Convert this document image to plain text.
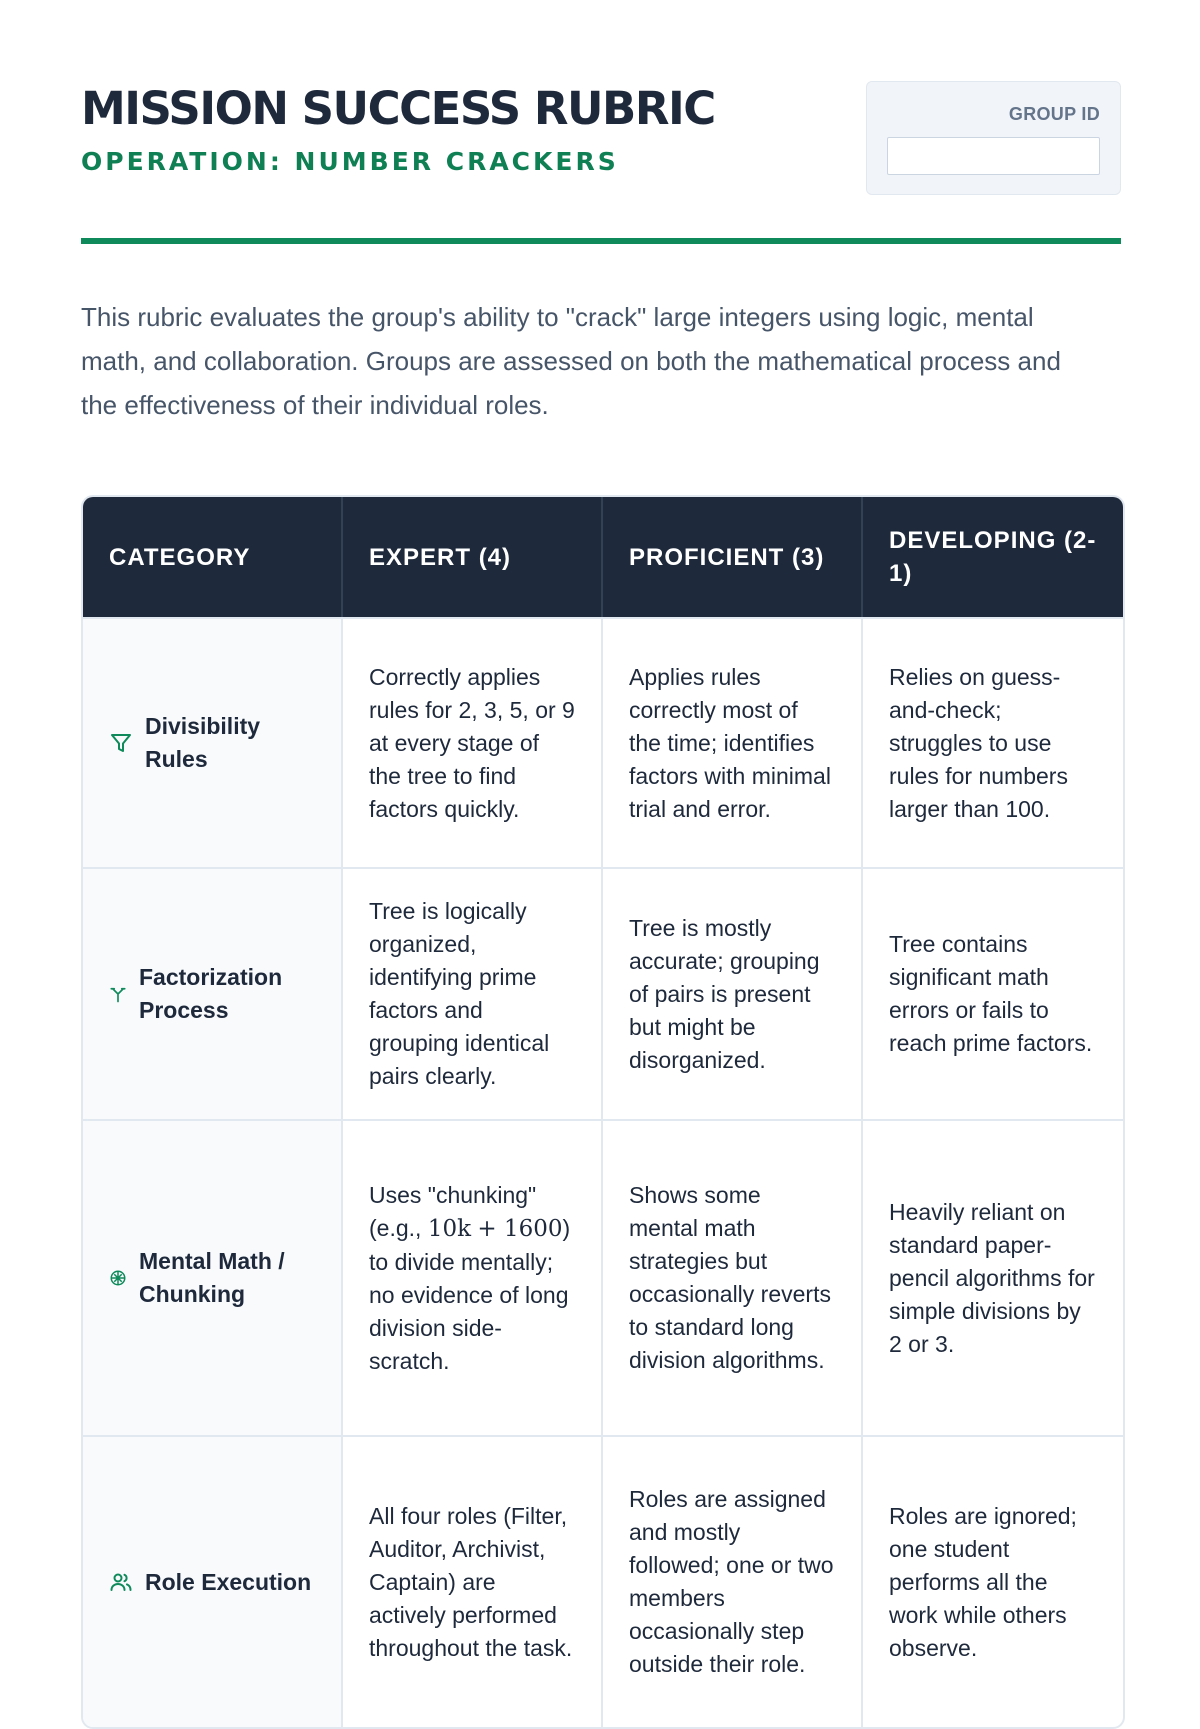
MISSION SUCCESS RUBRIC
OPERATION: NUMBER CRACKERS
GROUP ID

This rubric evaluates the group's ability to "crack" large integers using logic, mental math, and collaboration. Groups are assessed on both the mathematical process and the effectiveness of their individual roles.

CATEGORY	EXPERT (4)	PROFICIENT (3)
DEVELOPING (2-1)
Divisibility Rules
Correctly applies rules for 2, 3, 5, or 9 at every stage of the tree to find factors quickly.
Applies rules correctly most of the time; identifies factors with minimal trial and error.
Relies on guess-and-check; struggles to use rules for numbers larger than 100.
Factorization Process
Tree is logically organized, identifying prime factors and grouping identical pairs clearly.
Tree is mostly accurate; grouping of pairs is present but might be disorganized.
Tree contains significant math errors or fails to reach prime factors.
Mental Math / Chunking
Uses "chunking" (e.g., 10k + 1600) to divide mentally; no evidence of long division side-scratch.
Shows some mental math strategies but occasionally reverts to standard long division algorithms.
Heavily reliant on standard paper-pencil algorithms for simple divisions by 2 or 3.
Role Execution
All four roles (Filter, Auditor, Archivist, Captain) are actively performed throughout the task.
Roles are assigned and mostly followed; one or two members occasionally step outside their role.
Roles are ignored; one student performs all the work while others observe.
